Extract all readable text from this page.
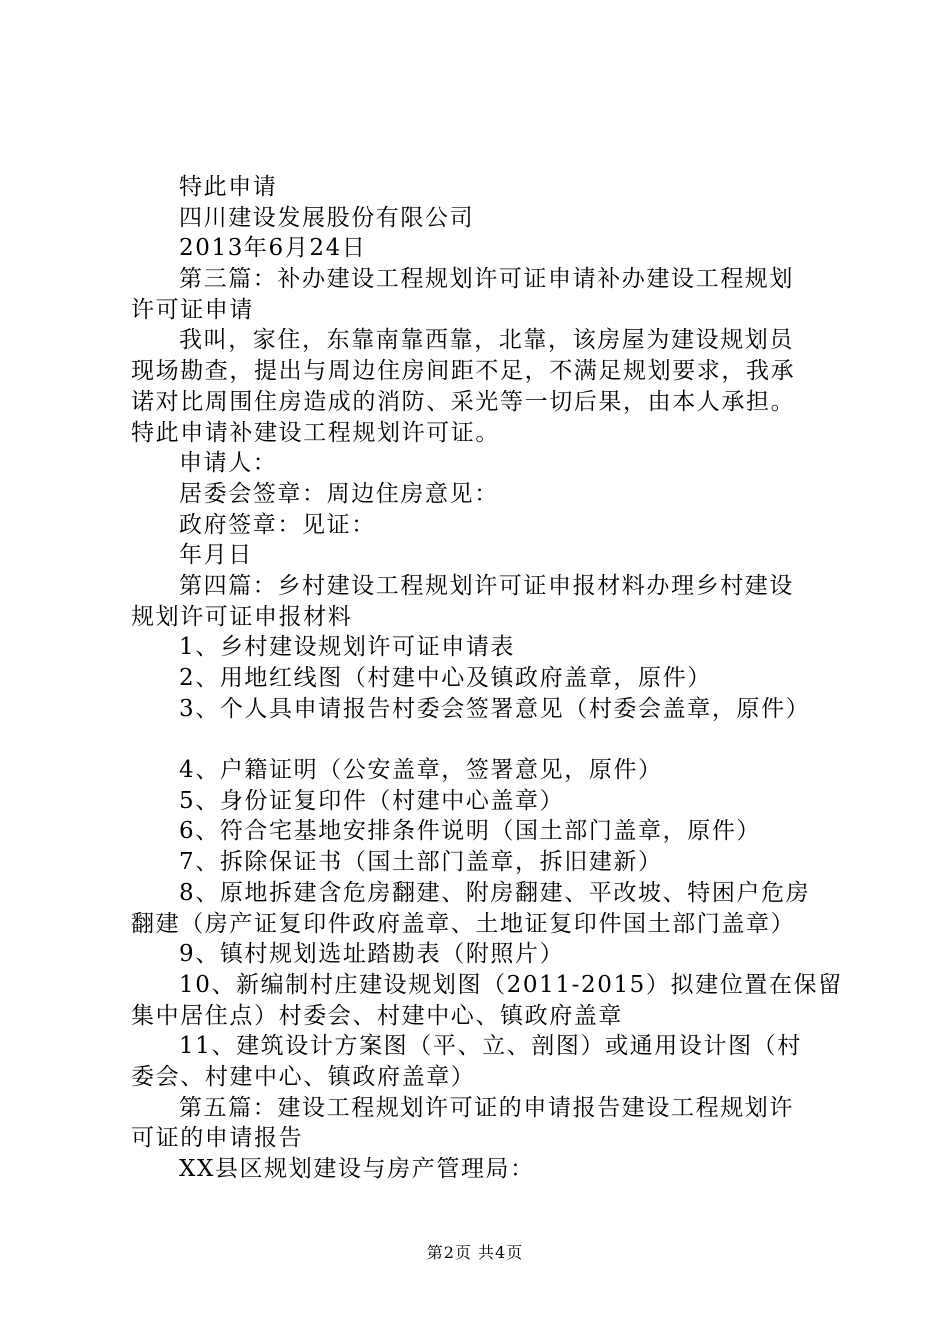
特此申请
四川建设发展股份有限公司
2013年6月24日
第三篇：补办建设工程规划许可证申请补办建设工程规划
许可证申请
我叫，家住，东靠南靠西靠，北靠，该房屋为建设规划员
现场勘查，提出与周边住房间距不足，不满足规划要求，我承
诺对比周围住房造成的消防、采光等一切后果，由本人承担。
特此申请补建设工程规划许可证。
申请人：
居委会签章：周边住房意见：
政府签章：见证：
年月日
第四篇：乡村建设工程规划许可证申报材料办理乡村建设
规划许可证申报材料
1、乡村建设规划许可证申请表
2、用地红线图（村建中心及镇政府盖章，原件）
3、个人具申请报告村委会签署意见（村委会盖章，原件）
4、户籍证明（公安盖章，签署意见，原件）
5、身份证复印件（村建中心盖章）
6、符合宅基地安排条件说明（国土部门盖章，原件）
7、拆除保证书（国土部门盖章，拆旧建新）
8、原地拆建含危房翻建、附房翻建、平改坡、特困户危房
翻建（房产证复印件政府盖章、土地证复印件国土部门盖章）
9、镇村规划选址踏勘表（附照片）
10、新编制村庄建设规划图（2011-2015）拟建位置在保留
集中居住点）村委会、村建中心、镇政府盖章
11、建筑设计方案图（平、立、剖图）或通用设计图（村
委会、村建中心、镇政府盖章）
第五篇：建设工程规划许可证的申请报告建设工程规划许
可证的申请报告
XX县区规划建设与房产管理局：
第2页 共4页
